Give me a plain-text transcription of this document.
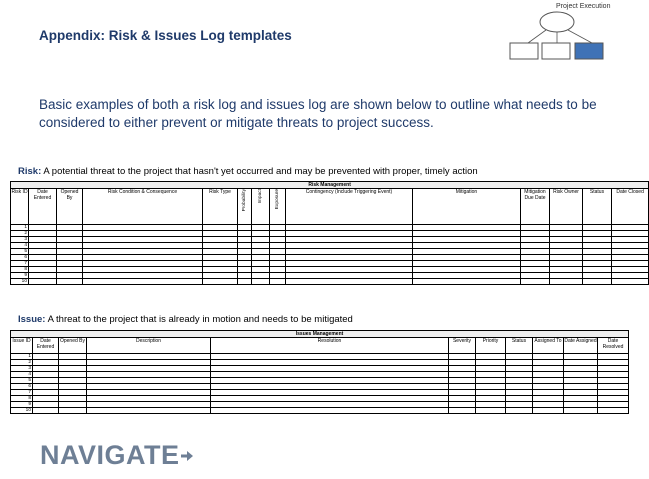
Appendix: Risk & Issues Log templates
Project Execution
Basic examples of both a risk log and issues log are shown below to outline what needs to be considered to either prevent or mitigate threats to project success.
Risk: A potential threat to the project that hasn't yet occurred and may be prevented with proper, timely action
Risk Management													
Risk ID	Date Entered	Opened By	Risk Condition & Consequence	Risk Type	Probability	Impact	Exposure	Contingency (Include Triggering Event)	Mitigation	Mitigation Due Date	Risk Owner	Status	Date Closed
1													
2													
3													
4													
5													
6													
7													
8													
9													
10													
Issue: A threat to the project that is already in motion and needs to be mitigated
Issues Management										
Issue ID	Date Entered	Opened By	Description	Resolution	Severity	Priority	Status	Assigned To	Date Assigned	Date Resolved
1										
2										
3										
4										
5										
6										
7										
8										
9										
10										
NAVIGATE
